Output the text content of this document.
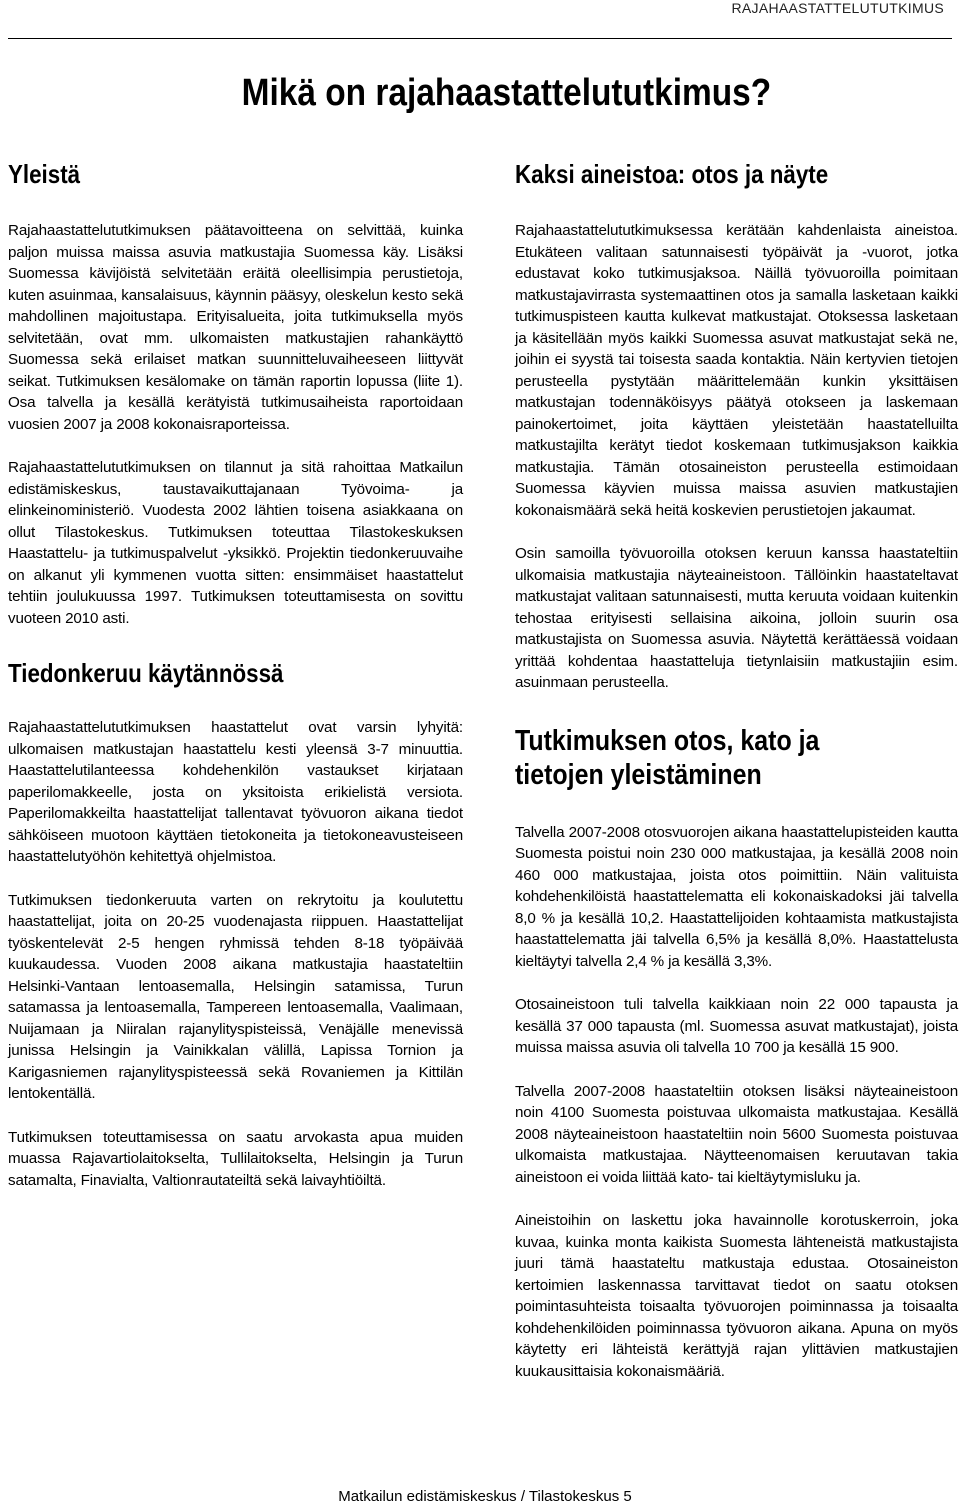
RAJAHAASTATTELUTUTKIMUS
Mikä on rajahaastattelututkimus?
Yleistä

Rajahaastattelututkimuksen päätavoitteena on selvittää, kuinka paljon muissa maissa asuvia matkustajia Suomessa käy. Lisäksi Suomessa kävijöistä selvitetään eräitä oleellisimpia perustietoja, kuten asuinmaa, kansalaisuus, käynnin pääsyy, oleskelun kesto sekä mahdollinen majoitustapa. Erityisalueita, joita tutkimuksella myös selvitetään, ovat mm. ulkomaisten matkustajien rahankäyttö Suomessa sekä erilaiset matkan suunnitteluvaiheeseen liittyvät seikat. Tutkimuksen kesälomake on tämän raportin lopussa (liite 1). Osa talvella ja kesällä kerätyistä tutkimusaiheista raportoidaan vuosien 2007 ja 2008 kokonaisraporteissa.

Rajahaastattelututkimuksen on tilannut ja sitä rahoittaa Matkailun edistämiskeskus, taustavaikuttajanaan Työvoima- ja elinkeinoministeriö. Vuodesta 2002 lähtien toisena asiakkaana on ollut Tilastokeskus. Tutkimuksen toteuttaa Tilastokeskuksen Haastattelu- ja tutkimuspalvelut -yksikkö. Projektin tiedonkeruuvaihe on alkanut yli kymmenen vuotta sitten: ensimmäiset haastattelut tehtiin joulukuussa 1997. Tutkimuksen toteuttamisesta on sovittu vuoteen 2010 asti.

Tiedonkeruu käytännössä

Rajahaastattelututkimuksen haastattelut ovat varsin lyhyitä: ulkomaisen matkustajan haastattelu kesti yleensä 3-7 minuuttia. Haastattelutilanteessa kohdehenkilön vastaukset kirjataan paperilomakkeelle, josta on yksitoista erikielistä versiota. Paperilomakkeilta haastattelijat tallentavat työvuoron aikana tiedot sähköiseen muotoon käyttäen tietokoneita ja tietokoneavusteiseen haastattelutyöhön kehitettyä ohjelmistoa.

Tutkimuksen tiedonkeruuta varten on rekrytoitu ja koulutettu haastattelijat, joita on 20-25 vuodenajasta riippuen. Haastattelijat työskentelevät 2-5 hengen ryhmissä tehden 8-18 työpäivää kuukaudessa. Vuoden 2008 aikana matkustajia haastateltiin Helsinki-Vantaan lentoasemalla, Helsingin satamissa, Turun satamassa ja lentoasemalla, Tampereen lentoasemalla, Vaalimaan, Nuijamaan ja Niiralan rajanylityspisteissä, Venäjälle menevissä junissa Helsingin ja Vainikkalan välillä, Lapissa Tornion ja Karigasniemen rajanylityspisteessä sekä Rovaniemen ja Kittilän lentokentällä.

Tutkimuksen toteuttamisessa on saatu arvokasta apua muiden muassa Rajavartiolaitokselta, Tullilaitokselta, Helsingin ja Turun satamalta, Finavialta, Valtionrautateiltä sekä laivayhtiöiltä.

Kaksi aineistoa: otos ja näyte

Rajahaastattelututkimuksessa kerätään kahdenlaista aineistoa. Etukäteen valitaan satunnaisesti työpäivät ja -vuorot, jotka edustavat koko tutkimusjaksoa. Näillä työvuoroilla poimitaan matkustajavirrasta systemaattinen otos ja samalla lasketaan kaikki tutkimuspisteen kautta kulkevat matkustajat. Otoksessa lasketaan ja käsitellään myös kaikki Suomessa asuvat matkustajat sekä ne, joihin ei syystä tai toisesta saada kontaktia. Näin kertyvien tietojen perusteella pystytään määrittelemään kunkin yksittäisen matkustajan todennäköisyys päätyä otokseen ja laskemaan painokertoimet, joita käyttäen yleistetään haastatelluilta matkustajilta kerätyt tiedot koskemaan tutkimusjakson kaikkia matkustajia. Tämän otosaineiston perusteella estimoidaan Suomessa käyvien muissa maissa asuvien matkustajien kokonaismäärä sekä heitä koskevien perustietojen jakaumat.

Osin samoilla työvuoroilla otoksen keruun kanssa haastateltiin ulkomaisia matkustajia näyteaineistoon. Tällöinkin haastateltavat matkustajat valitaan satunnaisesti, mutta keruuta voidaan kuitenkin tehostaa erityisesti sellaisina aikoina, jolloin suurin osa matkustajista on Suomessa asuvia. Näytettä kerättäessä voidaan yrittää kohdentaa haastatteluja tietynlaisiin matkustajiin esim. asuinmaan perusteella.

Tutkimuksen otos, kato ja tietojen yleistäminen

Talvella 2007-2008 otosvuorojen aikana haastattelupisteiden kautta Suomesta poistui noin 230 000 matkustajaa, ja kesällä 2008 noin 460 000 matkustajaa, joista otos poimittiin. Näin valituista kohdehenkilöistä haastattelematta eli kokonaiskadoksi jäi talvella 8,0 % ja kesällä 10,2. Haastattelijoiden kohtaamista matkustajista haastattelematta jäi talvella 6,5% ja kesällä 8,0%. Haastattelusta kieltäytyi talvella 2,4 % ja kesällä 3,3%.

Otosaineistoon tuli talvella kaikkiaan noin 22 000 tapausta ja kesällä 37 000 tapausta (ml. Suomessa asuvat matkustajat), joista muissa maissa asuvia oli talvella 10 700 ja kesällä 15 900.

Talvella 2007-2008 haastateltiin otoksen lisäksi näyteaineistoon noin 4100 Suomesta poistuvaa ulkomaista matkustajaa. Kesällä 2008 näyteaineistoon haastateltiin noin 5600 Suomesta poistuvaa ulkomaista matkustajaa. Näytteenomaisen keruutavan takia aineistoon ei voida liittää kato- tai kieltäytymisluku ja.

Aineistoihin on laskettu joka havainnolle korotuskerroin, joka kuvaa, kuinka monta kaikista Suomesta lähteneistä matkustajista juuri tämä haastateltu matkustaja edustaa. Otosaineiston kertoimien laskennassa tarvittavat tiedot on saatu otoksen poimintasuhteista toisaalta työvuorojen poiminnassa ja toisaalta kohdehenkilöiden poiminnassa työvuoron aikana. Apuna on myös käytetty eri lähteistä kerättyjä rajan ylittävien matkustajien kuukausittaisia kokonaismääriä.

Matkailun edistämiskeskus / Tilastokeskus 5
